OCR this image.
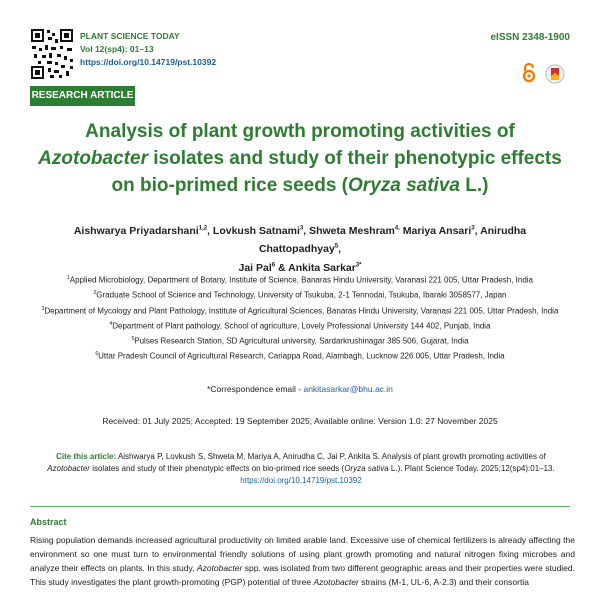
PLANT SCIENCE TODAY
Vol 12(sp4): 01–13
https://doi.org/10.14719/pst.10392
eISSN 2348-1900
RESEARCH ARTICLE
Analysis of plant growth promoting activities of Azotobacter isolates and study of their phenotypic effects on bio-primed rice seeds (Oryza sativa L.)
Aishwarya Priyadarshani$^{1,2}$, Lovkush Satnami$^3$, Shweta Meshram$^{4,}$ Mariya Ansari$^3$, Anirudha Chattopadhyay$^5$,
Jai Pal$^6$ & Ankita Sarkar$^{3*}$
$^1$Applied Microbiology, Department of Botany, Institute of Science, Banaras Hindu University, Varanasi 221 005, Uttar Pradesh, India
$^2$Graduate School of Science and Technology, University of Tsukuba, 2-1 Tennodai, Tsukuba, Ibaraki 3058577, Japan
$^3$Department of Mycology and Plant Pathology, Institute of Agricultural Sciences, Banaras Hindu University, Varanasi 221 005, Uttar Pradesh, India
$^4$Department of Plant pathology, School of agriculture, Lovely Professional University 144 402, Punjab, India
$^5$Pulses Research Station, SD Agricultural university, Sardarkrushinagar 385 506, Gujarat, India
$^6$Uttar Pradesh Council of Agricultural Research, Cariappa Road, Alambagh, Lucknow 226 005, Uttar Pradesh, India
*Correspondence email - ankitasarkar@bhu.ac.in
Received: 01 July 2025; Accepted: 19 September 2025; Available online: Version 1.0: 27 November 2025
Cite this article: Aishwarya P, Lovkush S, Shweta M, Mariya A, Anirudha C, Jai P, Ankita S. Analysis of plant growth promoting activities of Azotobacter isolates and study of their phenotypic effects on bio-primed rice seeds (Oryza sativa L.). Plant Science Today. 2025;12(sp4):01–13.
https://doi.org/10.14719/pst.10392
Abstract

Rising population demands increased agricultural productivity on limited arable land. Excessive use of chemical fertilizers is already affecting the environment so one must turn to environmental friendly solutions of using plant growth promoting and natural nitrogen fixing microbes and analyze their effects on plants. In this study, Azotobacter spp. was isolated from two different geographic areas and their properties were studied. This study investigates the plant growth-promoting (PGP) potential of three Azotobacter strains (M-1, UL-6, A-2.3) and their consortia
